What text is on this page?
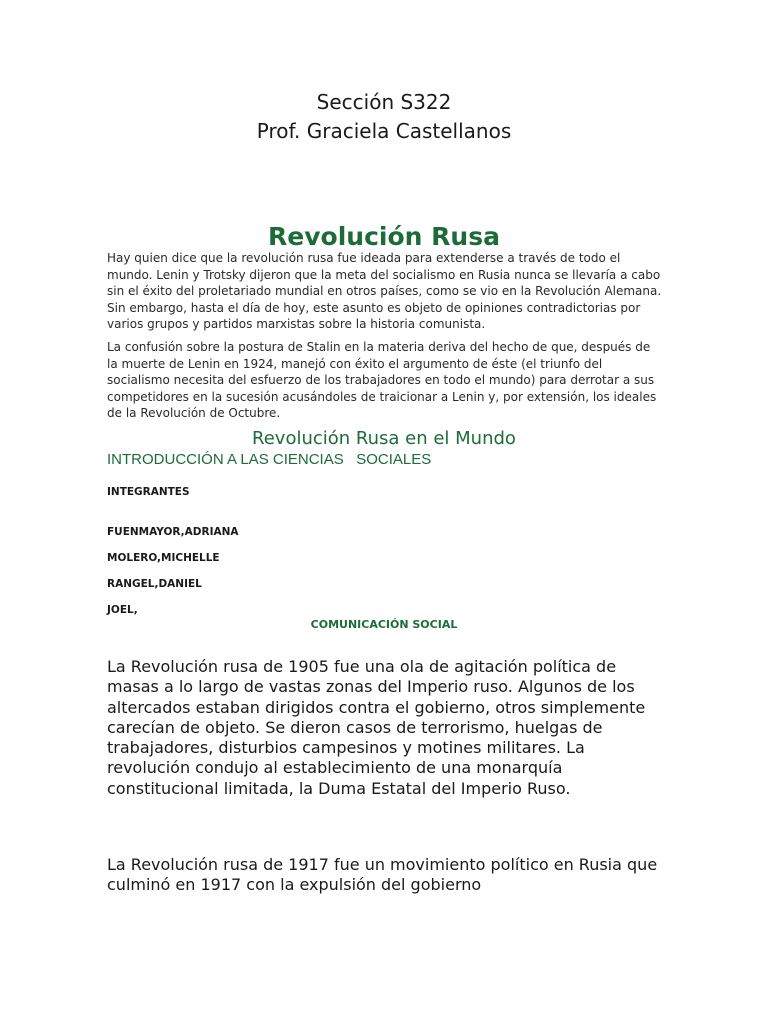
Sección S322
Prof. Graciela Castellanos
Revolución Rusa

Hay quien dice que la revolución rusa fue ideada para extenderse a través de todo el mundo. Lenin y Trotsky dijeron que la meta del socialismo en Rusia nunca se llevaría a cabo sin el éxito del proletariado mundial en otros países, como se vio en la Revolución Alemana. Sin embargo, hasta el día de hoy, este asunto es objeto de opiniones contradictorias por varios grupos y partidos marxistas sobre la historia comunista.

La confusión sobre la postura de Stalin en la materia deriva del hecho de que, después de la muerte de Lenin en 1924, manejó con éxito el argumento de éste (el triunfo del socialismo necesita del esfuerzo de los trabajadores en todo el mundo) para derrotar a sus competidores en la sucesión acusándoles de traicionar a Lenin y, por extensión, los ideales de la Revolución de Octubre.

Revolución Rusa en el Mundo
INTRODUCCIÓN A LAS CIENCIAS   SOCIALES
INTEGRANTES
FUENMAYOR,ADRIANA
MOLERO,MICHELLE
RANGEL,DANIEL
JOEL,
COMUNICACIÓN SOCIAL

La Revolución rusa de 1905 fue una ola de agitación política de masas a lo largo de vastas zonas del Imperio ruso. Algunos de los altercados estaban dirigidos contra el gobierno, otros simplemente carecían de objeto. Se dieron casos de terrorismo, huelgas de trabajadores, disturbios campesinos y motines militares. La revolución condujo al establecimiento de una monarquía constitucional limitada, la Duma Estatal del Imperio Ruso.

La Revolución rusa de 1917 fue un movimiento político en Rusia que culminó en 1917 con la expulsión del gobierno
